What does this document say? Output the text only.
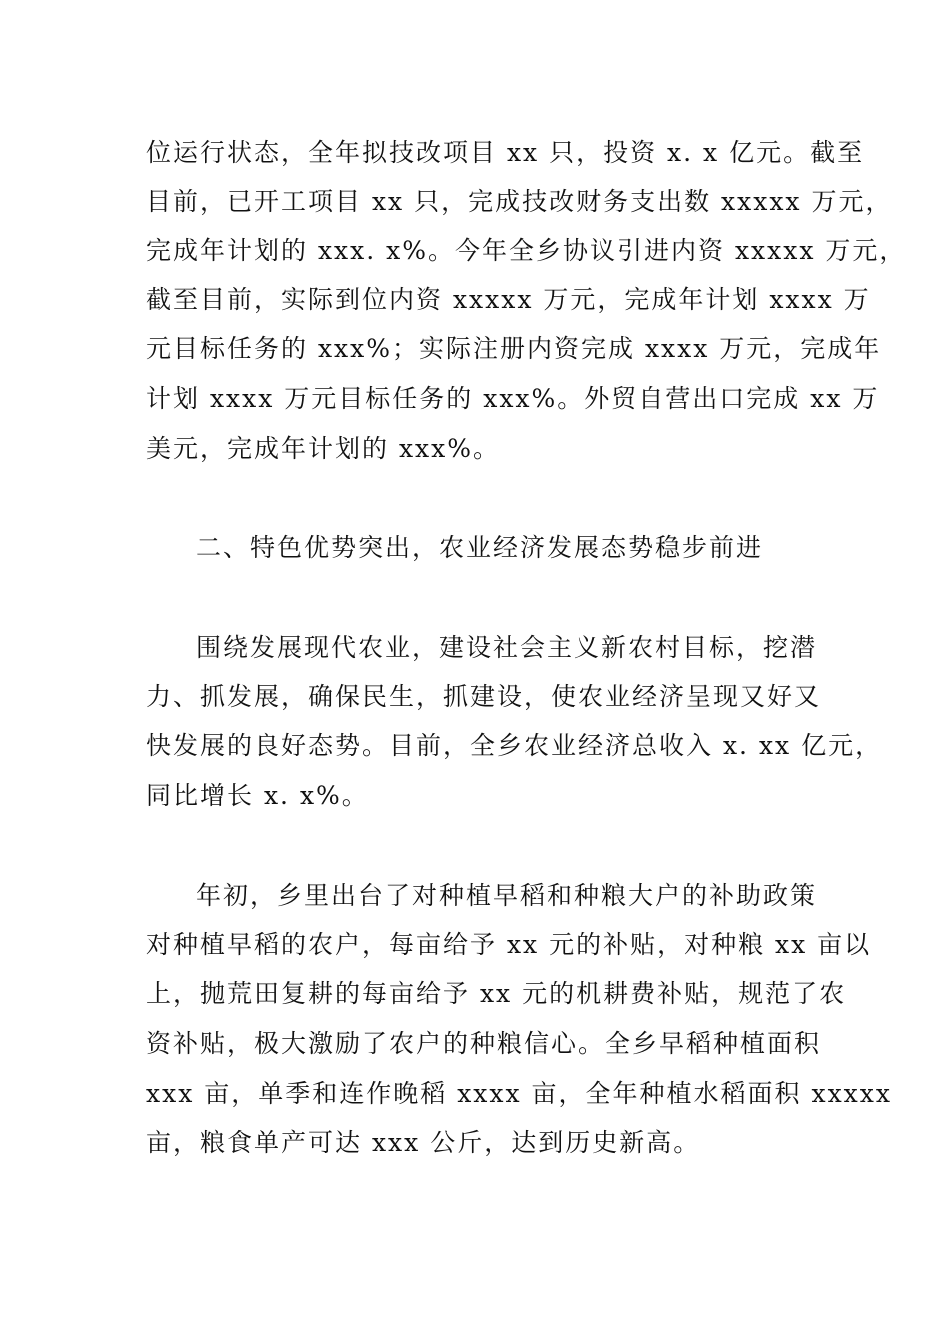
位运行状态，全年拟技改项目 xx 只，投资 x. x 亿元。截至
目前，已开工项目 xx 只，完成技改财务支出数 xxxxx 万元，
完成年计划的 xxx. x%。今年全乡协议引进内资 xxxxx 万元，
截至目前，实际到位内资 xxxxx 万元，完成年计划 xxxx 万
元目标任务的 xxx%；实际注册内资完成 xxxx 万元，完成年
计划 xxxx 万元目标任务的 xxx%。外贸自营出口完成 xx 万
美元，完成年计划的 xxx%。
二、特色优势突出，农业经济发展态势稳步前进
围绕发展现代农业，建设社会主义新农村目标，挖潜
力、抓发展，确保民生，抓建设，使农业经济呈现又好又
快发展的良好态势。目前，全乡农业经济总收入 x. xx 亿元，
同比增长 x. x%。
年初，乡里出台了对种植早稻和种粮大户的补助政策
对种植早稻的农户，每亩给予 xx 元的补贴，对种粮 xx 亩以
上，抛荒田复耕的每亩给予 xx 元的机耕费补贴，规范了农
资补贴，极大激励了农户的种粮信心。全乡早稻种植面积
xxx 亩，单季和连作晚稻 xxxx 亩，全年种植水稻面积 xxxxx
亩，粮食单产可达 xxx 公斤，达到历史新高。
